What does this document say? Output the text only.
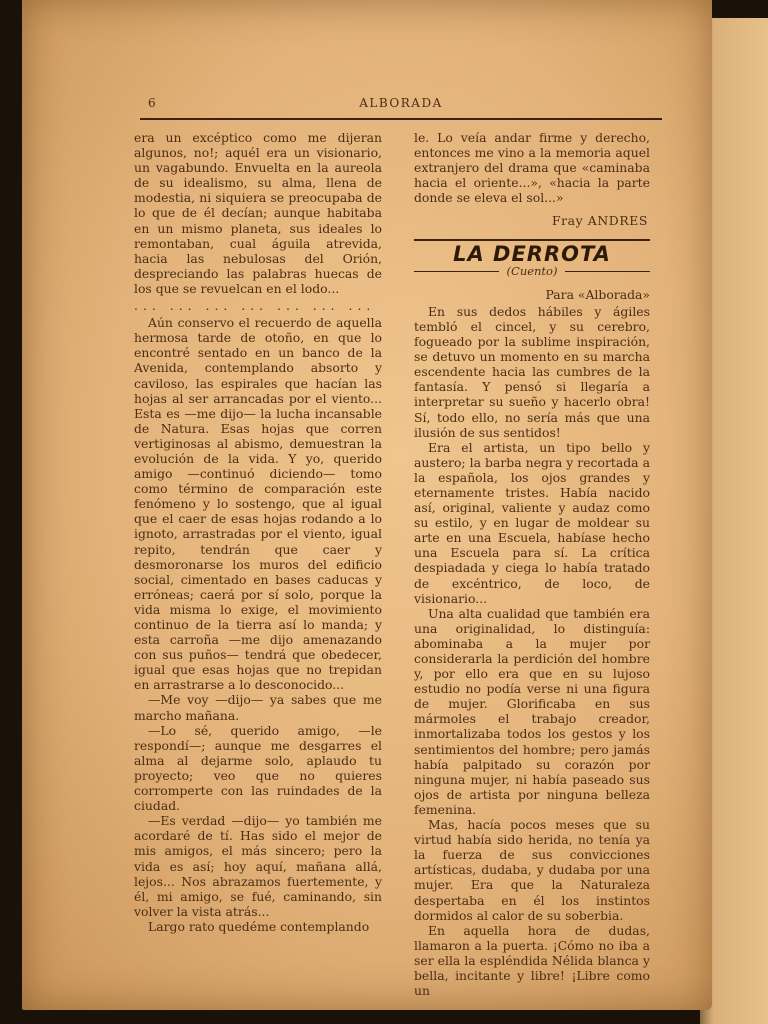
6	ALBORADA

era un excéptico como me dijeran algunos, no!; aquél era un visionario, un vagabundo. Envuelta en la aureola de su idealismo, su alma, llena de modestia, ni siquiera se preocupaba de lo que de él decían; aunque habitaba en un mismo planeta, sus ideales lo remontaban, cual águila atrevida, hacia las nebulosas del Orión, despreciando las palabras huecas de los que se revuelcan en el lodo...

... ... ... ... ... ... ...

Aún conservo el recuerdo de aquella hermosa tarde de otoño, en que lo encontré sentado en un banco de la Avenida, contemplando absorto y cavilosо, las espirales que hacían las hojas al ser arrancadas por el viento... Esta es —me dijo— la lucha incansable de Natura. Esas hojas que corren vertiginosas al abismo, demuestran la evolución de la vida. Y yo, querido amigo —continuó diciendo— tomo como término de comparación este fenómeno y lo sostengo, que al igual que el caer de esas hojas rodando a lo ignoto, arrastradas por el viento, igual repito, tendrán que caer y desmoronarse los muros del edificio social, cimentado en bases caducas y erróneas; caerá por sí solo, porque la vida misma lo exige, el movimiento continuo de la tierra así lo manda; y esta carroña —me dijo amenazando con sus puños— tendrá que obedecer, igual que esas hojas que no trepidan en arrastrarse a lo desconocido...

—Me voy —dijo— ya sabes que me marcho mañana.

—Lo sé, querido amigo, —le respondí—; aunque me desgarres el alma al dejarme solo, aplaudo tu proyecto; veo que no quieres corromperte con las ruindades de la ciudad.

—Es verdad —dijo— yo también me acordaré de tí. Has sido el mejor de mis amigos, el más sincero; pero la vida es así; hoy aquí, mañana allá, lejos... Nos abrazamos fuertemente, y él, mi amigo, se fué, caminando, sin volver la vista atrás...

Largo rato quedéme contemplando

le. Lo veía andar firme y derecho, entonces me vino a la memoria aquel extranjero del drama que «caminaba hacia el oriente...», «hacia la parte donde se eleva el sol...»

Fray ANDRES

LA DERROTA
(Cuento)

Para «Alborada»

En sus dedos hábiles y ágiles tembló el cincel, y su cerebro, fogueado por la sublime inspiración, se detuvo un momento en su marcha escendente hacia las cumbres de la fantasía. Y pensó si llegaría a interpretar su sueño y hacerlo obra! Sí, todo ello, no sería más que una ilusión de sus sentidos!

Era el artista, un tipo bello y austero; la barba negra y recortada a la española, los ojos grandes y eternamente tristes. Había nacido así, original, valiente y audaz como su estilo, y en lugar de moldear su arte en una Escuela, habíase hecho una Escuela para sí. La crítica despiadada y ciega lo había tratado de excéntrico, de loco, de visionario...

Una alta cualidad que también era una originalidad, lo distinguía: abominaba a la mujer por considerarla la perdición del hombre y, por ello era que en su lujoso estudio no podía verse ni una figura de mujer. Glorificaba en sus mármoles el trabajo creador, inmortalizaba todos los gestos y los sentimientos del hombre; pero jamás había palpitado su corazón por ninguna mujer, ni había paseado sus ojos de artista por ninguna belleza femenina.

Mas, hacía pocos meses que su virtud había sido herida, no tenía ya la fuerza de sus convicciones artísticas, dudaba, y dudaba por una mujer. Era que la Naturaleza despertaba en él los instintos dormidos al calor de su soberbia.

En aquella hora de dudas, llamaron a la puerta. ¡Cómo no iba a ser ella la espléndida Nélida blanca y bella, incitante y libre! ¡Libre como un
